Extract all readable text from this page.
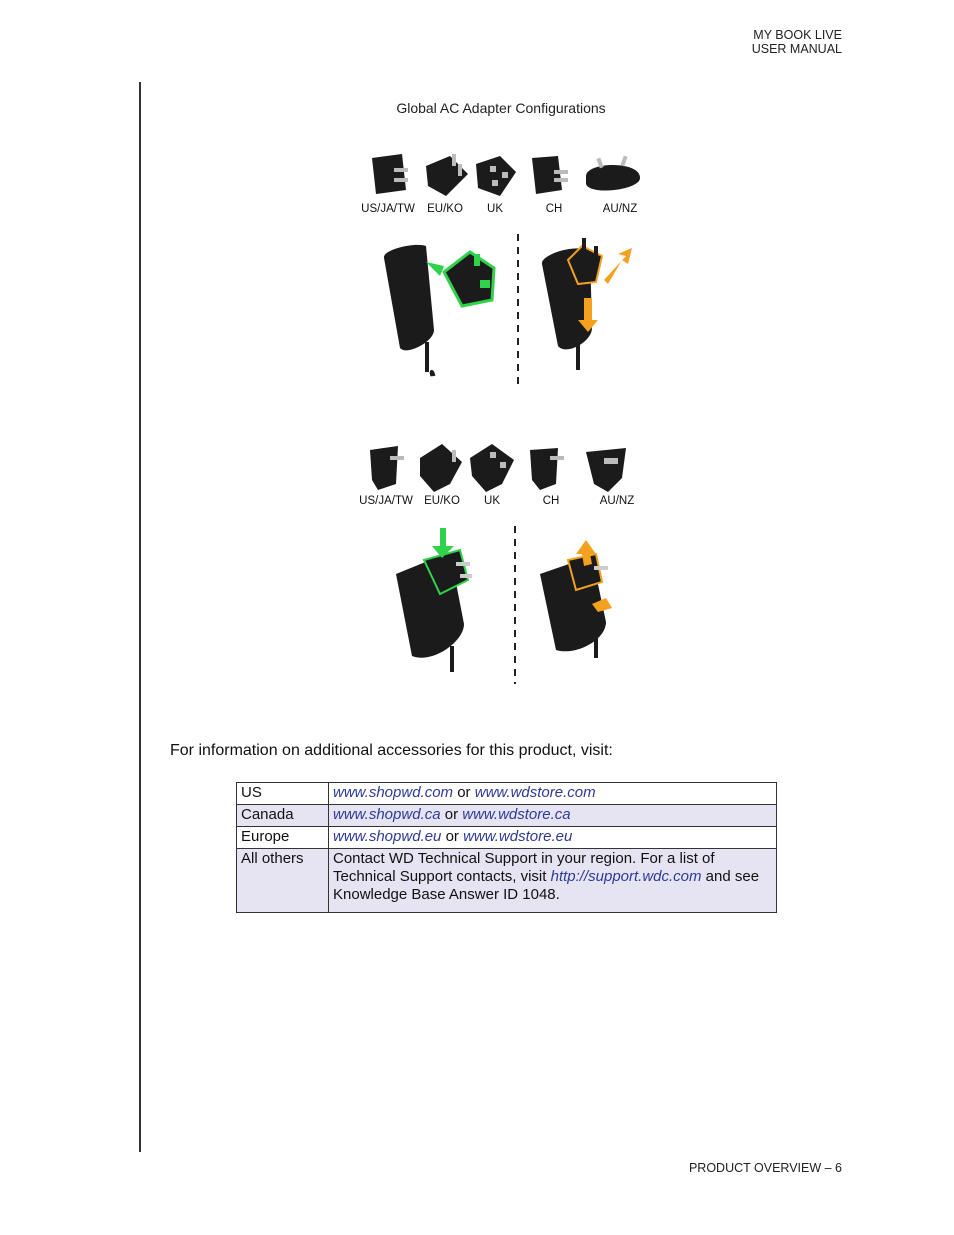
MY BOOK LIVE
USER MANUAL
Global AC Adapter Configurations
US/JA/TW EU/KO UK	CH	AU/NZ
US/JA/TW EU/KO UK	CH	AU/NZ
For information on additional accessories for this product, visit:
US	www.shopwd.com or www.wdstore.com
Canada	www.shopwd.ca or www.wdstore.ca
Europe	www.shopwd.eu or www.wdstore.eu
All others	Contact WD Technical Support in your region. For a list of Technical Support contacts, visit http://support.wdc.com and see Knowledge Base Answer ID 1048.
PRODUCT OVERVIEW – 6
